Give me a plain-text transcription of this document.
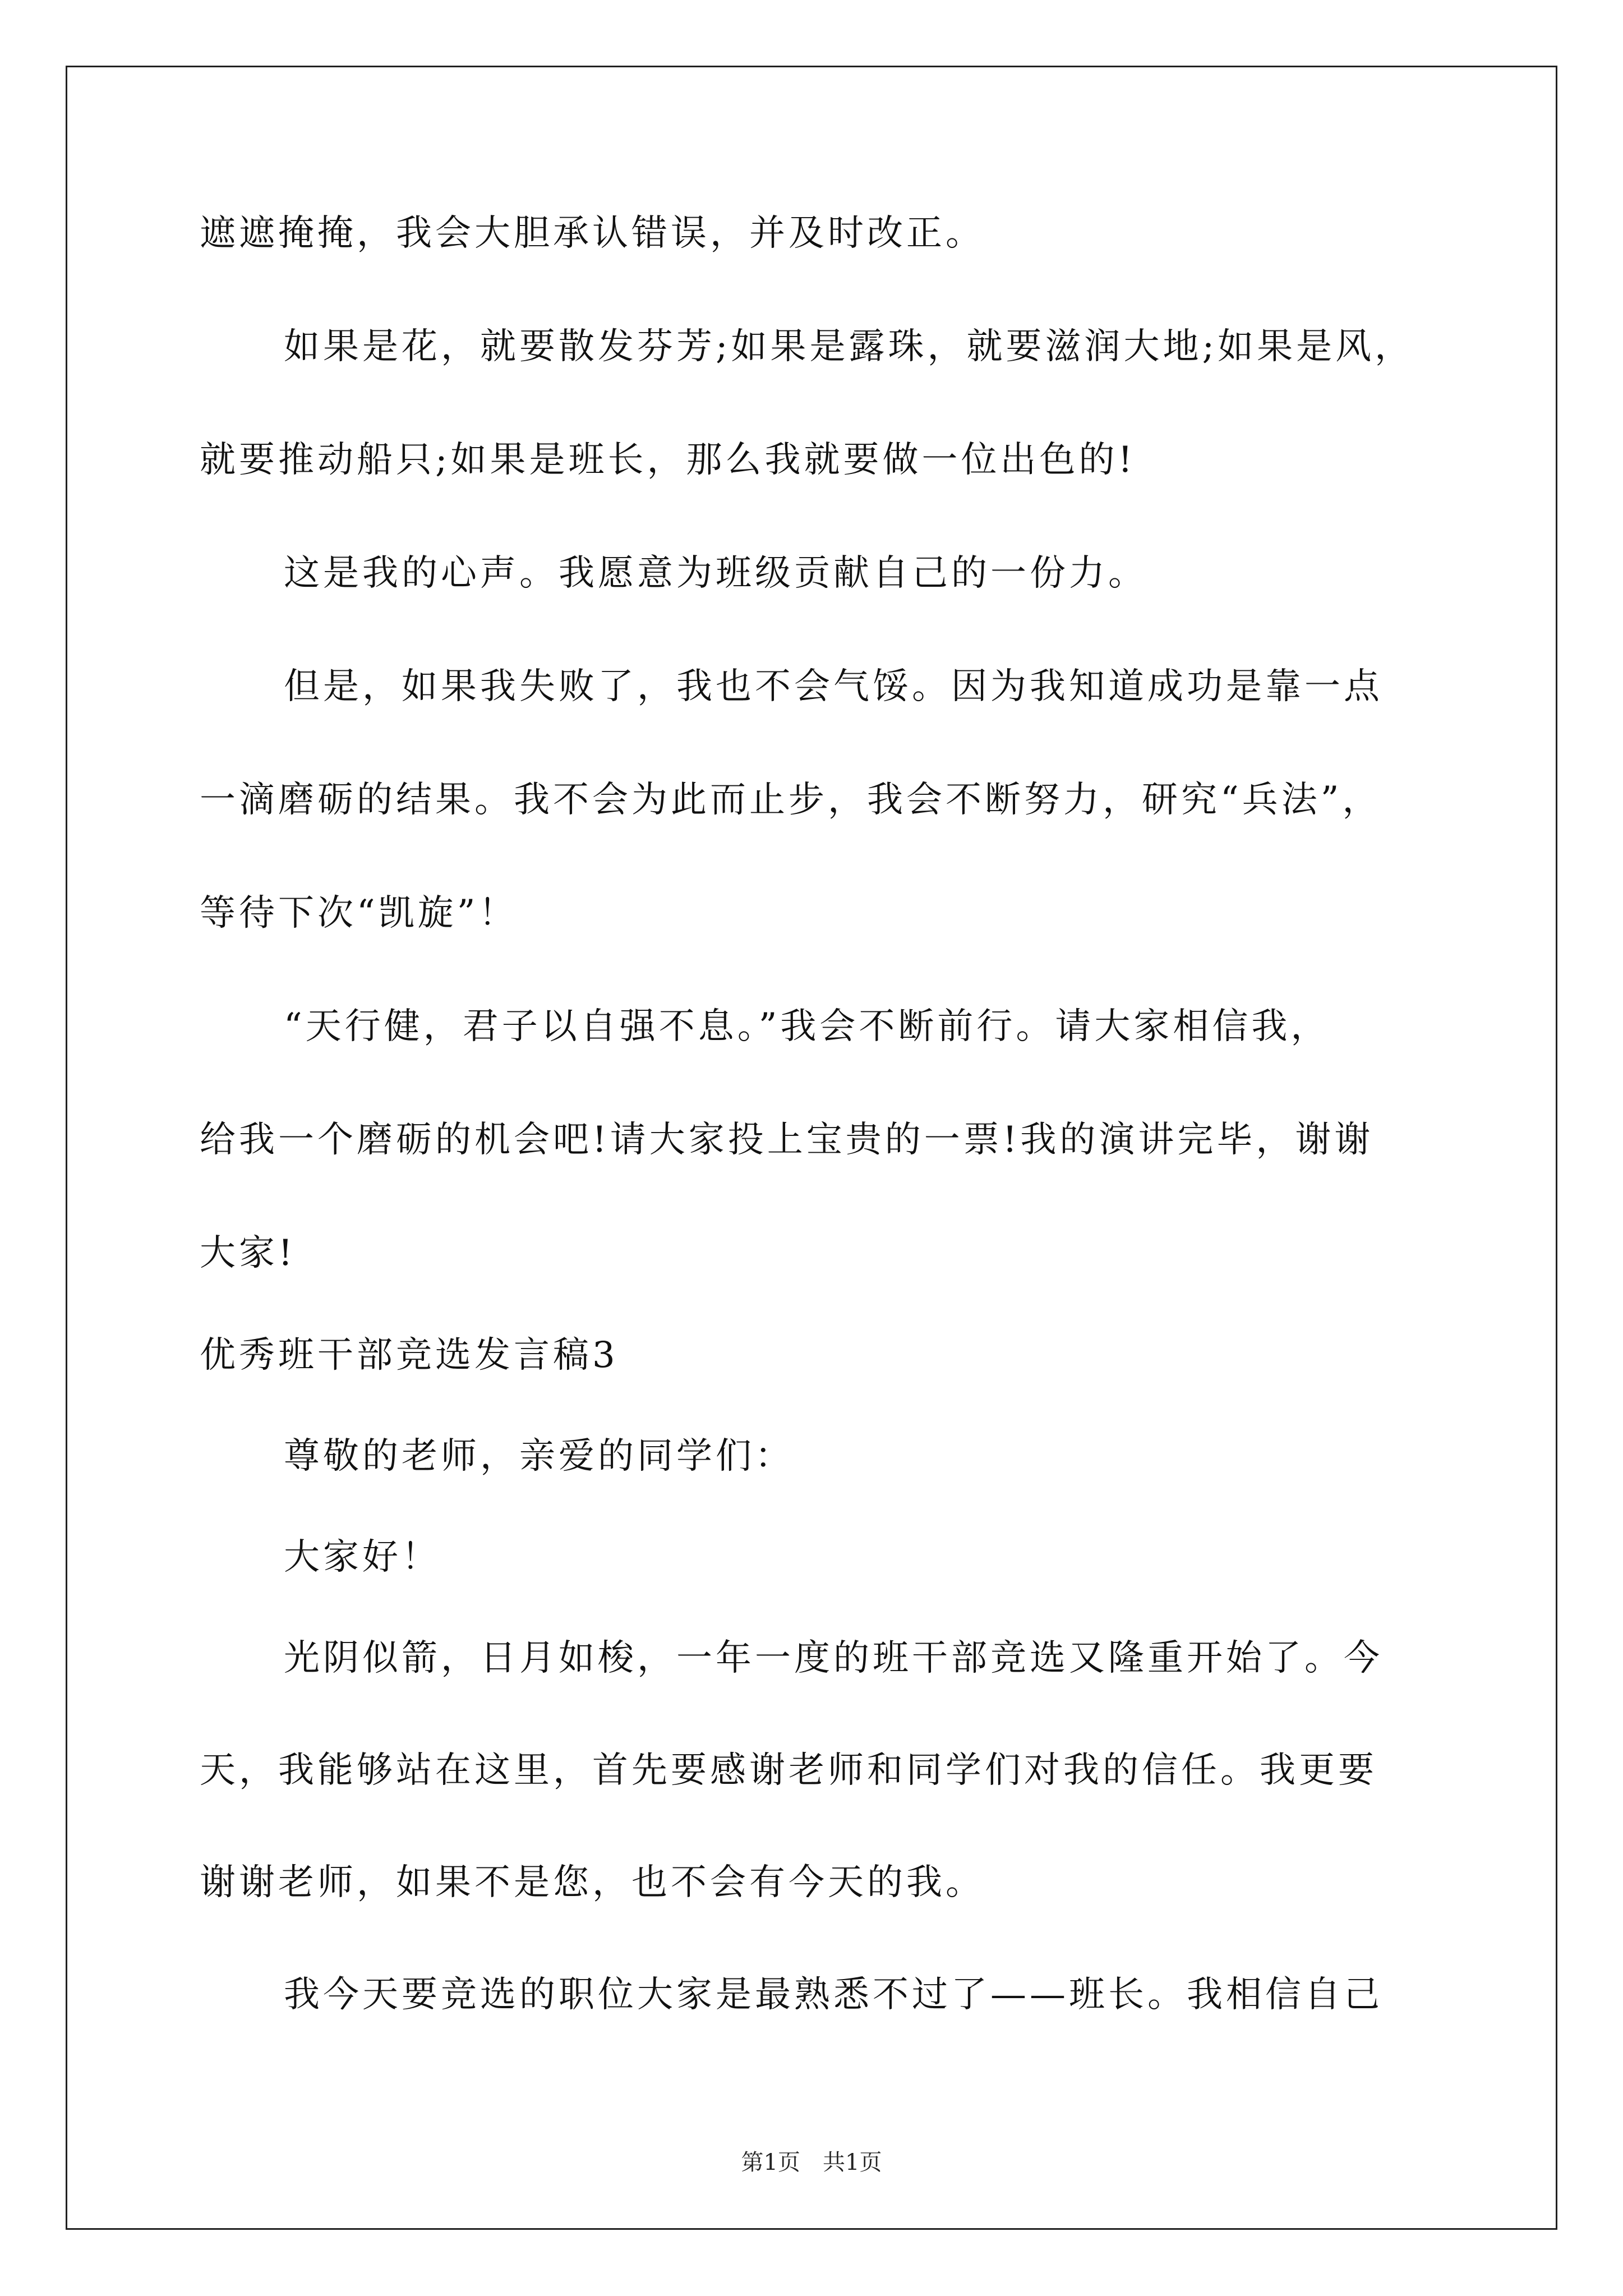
遮遮掩掩，我会大胆承认错误，并及时改正。
如果是花，就要散发芬芳;如果是露珠，就要滋润大地;如果是风，
就要推动船只;如果是班长，那么我就要做一位出色的!
这是我的心声。我愿意为班级贡献自己的一份力。
但是，如果我失败了，我也不会气馁。因为我知道成功是靠一点
一滴磨砺的结果。我不会为此而止步，我会不断努力，研究“兵法”，
等待下次“凯旋”！
“天行健，君子以自强不息。”我会不断前行。请大家相信我，
给我一个磨砺的机会吧!请大家投上宝贵的一票!我的演讲完毕，谢谢
大家!
优秀班干部竞选发言稿3
尊敬的老师，亲爱的同学们：
大家好！
光阴似箭，日月如梭，一年一度的班干部竞选又隆重开始了。今
天，我能够站在这里，首先要感谢老师和同学们对我的信任。我更要
谢谢老师，如果不是您，也不会有今天的我。
我今天要竞选的职位大家是最熟悉不过了——班长。我相信自己
第1页　共1页
